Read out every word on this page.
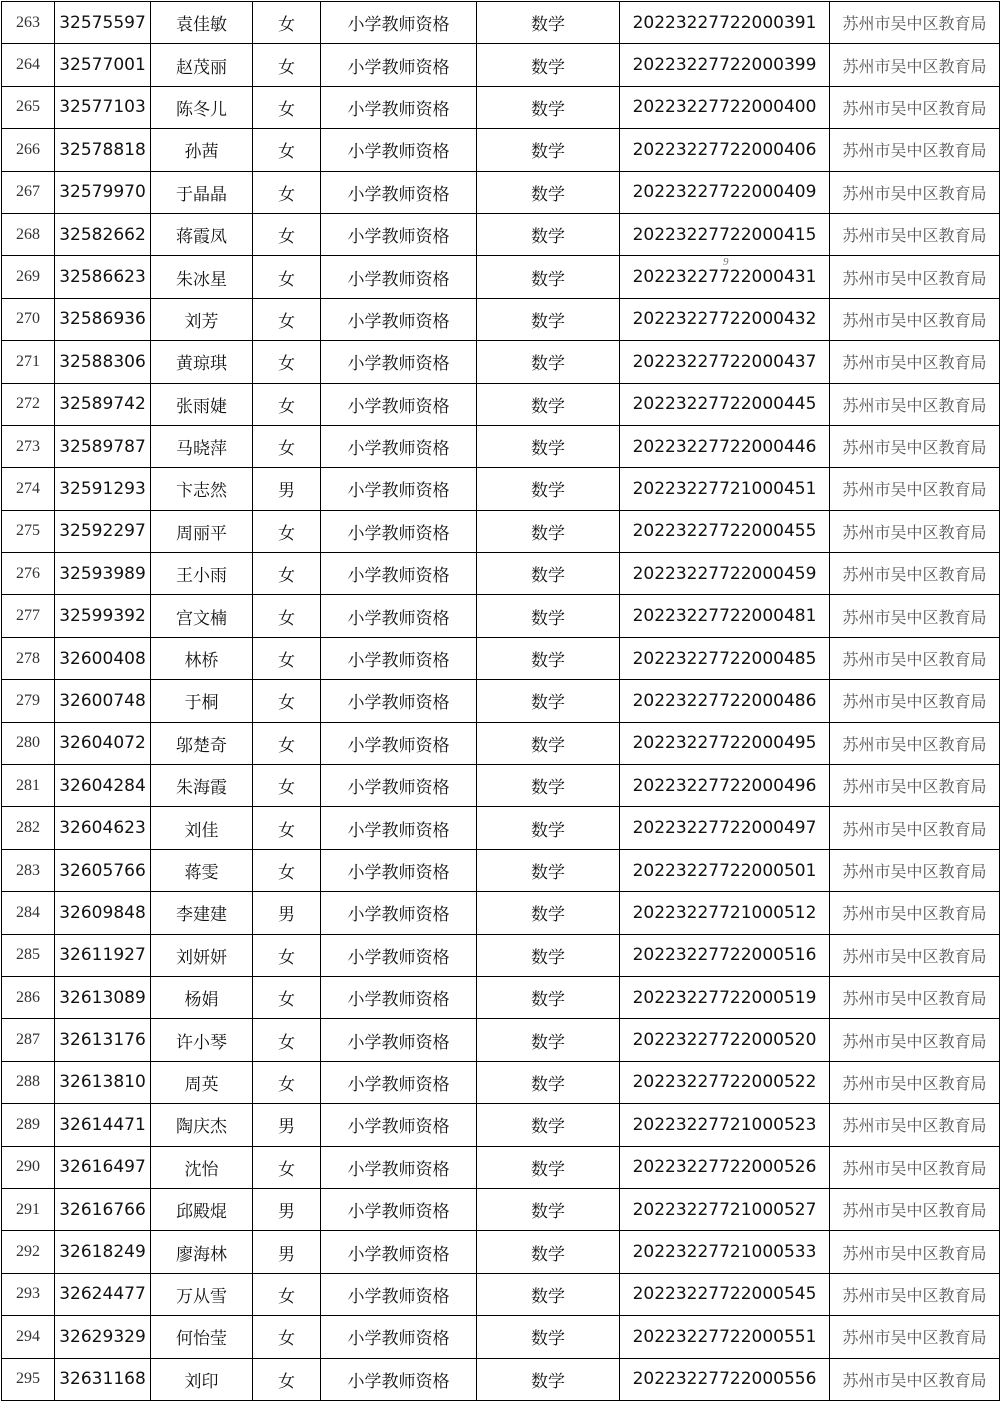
263	32575597	袁佳敏	女	小学教师资格	数学	20223227722000391	苏州市吴中区教育局
264	32577001	赵茂丽	女	小学教师资格	数学	20223227722000399	苏州市吴中区教育局
265	32577103	陈冬儿	女	小学教师资格	数学	20223227722000400	苏州市吴中区教育局
266	32578818	孙茜	女	小学教师资格	数学	20223227722000406	苏州市吴中区教育局
267	32579970	于晶晶	女	小学教师资格	数学	20223227722000409	苏州市吴中区教育局
268	32582662	蒋霞凤	女	小学教师资格	数学	20223227722000415	苏州市吴中区教育局
269	32586623	朱冰星	女	小学教师资格	数学	20223227722000431	苏州市吴中区教育局
270	32586936	刘芳	女	小学教师资格	数学	20223227722000432	苏州市吴中区教育局
271	32588306	黄琼琪	女	小学教师资格	数学	20223227722000437	苏州市吴中区教育局
272	32589742	张雨婕	女	小学教师资格	数学	20223227722000445	苏州市吴中区教育局
273	32589787	马晓萍	女	小学教师资格	数学	20223227722000446	苏州市吴中区教育局
274	32591293	卞志然	男	小学教师资格	数学	20223227721000451	苏州市吴中区教育局
275	32592297	周丽平	女	小学教师资格	数学	20223227722000455	苏州市吴中区教育局
276	32593989	王小雨	女	小学教师资格	数学	20223227722000459	苏州市吴中区教育局
277	32599392	宫文楠	女	小学教师资格	数学	20223227722000481	苏州市吴中区教育局
278	32600408	林桥	女	小学教师资格	数学	20223227722000485	苏州市吴中区教育局
279	32600748	于桐	女	小学教师资格	数学	20223227722000486	苏州市吴中区教育局
280	32604072	邬楚奇	女	小学教师资格	数学	20223227722000495	苏州市吴中区教育局
281	32604284	朱海霞	女	小学教师资格	数学	20223227722000496	苏州市吴中区教育局
282	32604623	刘佳	女	小学教师资格	数学	20223227722000497	苏州市吴中区教育局
283	32605766	蒋雯	女	小学教师资格	数学	20223227722000501	苏州市吴中区教育局
284	32609848	李建建	男	小学教师资格	数学	20223227721000512	苏州市吴中区教育局
285	32611927	刘妍妍	女	小学教师资格	数学	20223227722000516	苏州市吴中区教育局
286	32613089	杨娟	女	小学教师资格	数学	20223227722000519	苏州市吴中区教育局
287	32613176	许小琴	女	小学教师资格	数学	20223227722000520	苏州市吴中区教育局
288	32613810	周英	女	小学教师资格	数学	20223227722000522	苏州市吴中区教育局
289	32614471	陶庆杰	男	小学教师资格	数学	20223227721000523	苏州市吴中区教育局
290	32616497	沈怡	女	小学教师资格	数学	20223227722000526	苏州市吴中区教育局
291	32616766	邱殿焜	男	小学教师资格	数学	20223227721000527	苏州市吴中区教育局
292	32618249	廖海林	男	小学教师资格	数学	20223227721000533	苏州市吴中区教育局
293	32624477	万从雪	女	小学教师资格	数学	20223227722000545	苏州市吴中区教育局
294	32629329	何怡莹	女	小学教师资格	数学	20223227722000551	苏州市吴中区教育局
295	32631168	刘印	女	小学教师资格	数学	20223227722000556	苏州市吴中区教育局
9
